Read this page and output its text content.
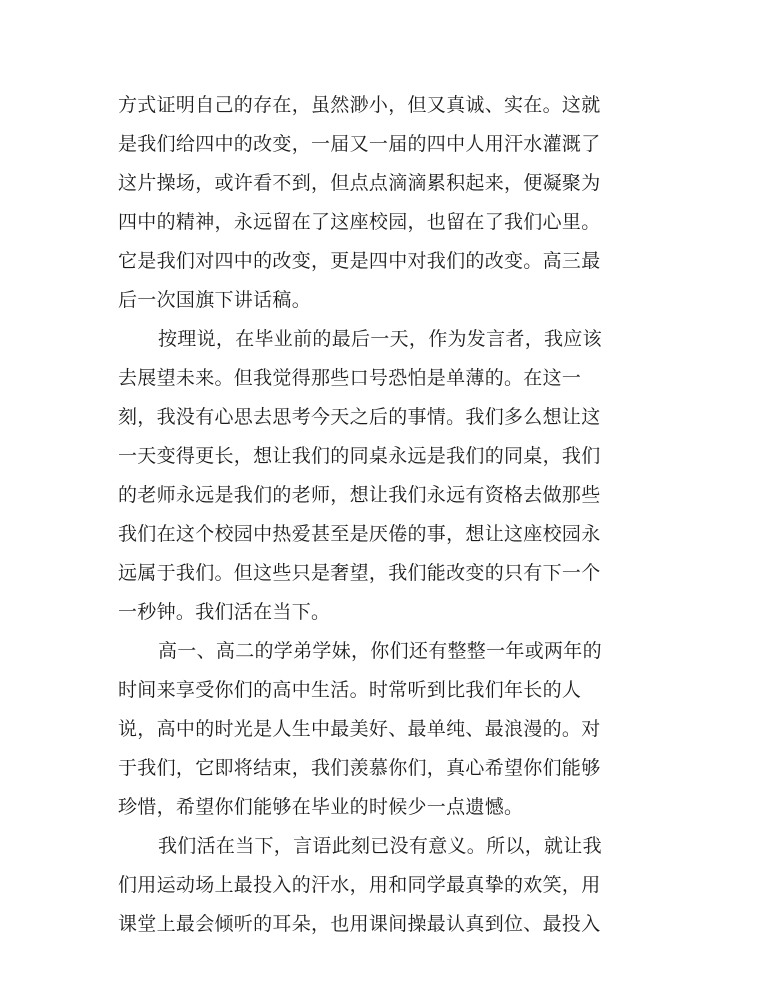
方式证明自己的存在，虽然渺小，但又真诚、实在。这就
是我们给四中的改变，一届又一届的四中人用汗水灌溉了
这片操场，或许看不到，但点点滴滴累积起来，便凝聚为
四中的精神，永远留在了这座校园，也留在了我们心里。
它是我们对四中的改变，更是四中对我们的改变。高三最
后一次国旗下讲话稿。
按理说，在毕业前的最后一天，作为发言者，我应该
去展望未来。但我觉得那些口号恐怕是单薄的。在这一
刻，我没有心思去思考今天之后的事情。我们多么想让这
一天变得更长，想让我们的同桌永远是我们的同桌，我们
的老师永远是我们的老师，想让我们永远有资格去做那些
我们在这个校园中热爱甚至是厌倦的事，想让这座校园永
远属于我们。但这些只是奢望，我们能改变的只有下一个
一秒钟。我们活在当下。
高一、高二的学弟学妹，你们还有整整一年或两年的
时间来享受你们的高中生活。时常听到比我们年长的人
说，高中的时光是人生中最美好、最单纯、最浪漫的。对
于我们，它即将结束，我们羡慕你们，真心希望你们能够
珍惜，希望你们能够在毕业的时候少一点遗憾。
我们活在当下，言语此刻已没有意义。所以，就让我
们用运动场上最投入的汗水，用和同学最真挚的欢笑，用
课堂上最会倾听的耳朵，也用课间操最认真到位、最投入
